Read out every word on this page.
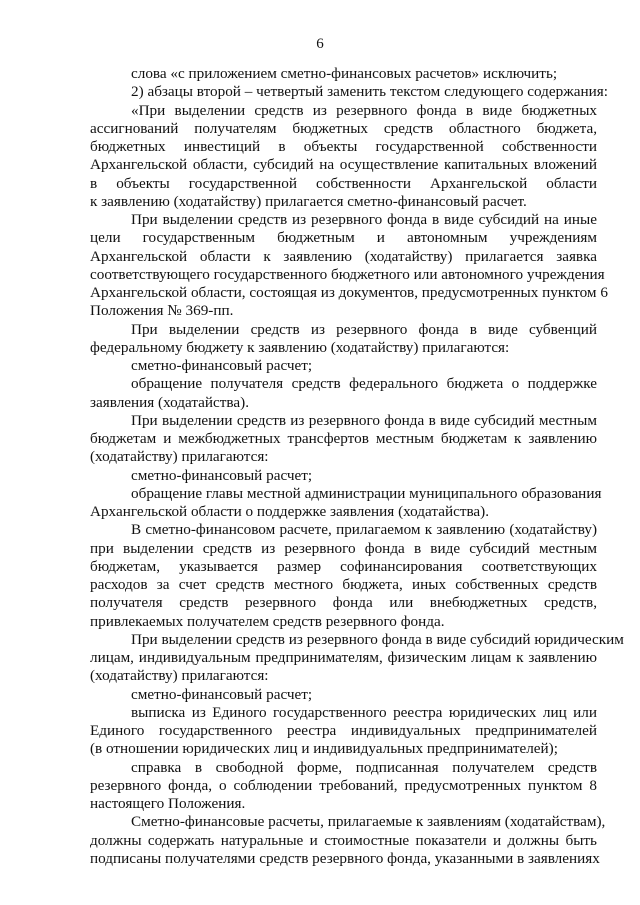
6
слова «с приложением сметно-финансовых расчетов» исключить;
2) абзацы второй – четвертый заменить текстом следующего содержания:
«При выделении средств из резервного фонда в виде бюджетных
ассигнований получателям бюджетных средств областного бюджета,
бюджетных инвестиций в объекты государственной собственности
Архангельской области, субсидий на осуществление капитальных вложений
в объекты государственной собственности Архангельской области
к заявлению (ходатайству) прилагается сметно-финансовый расчет.
При выделении средств из резервного фонда в виде субсидий на иные
цели государственным бюджетным и автономным учреждениям
Архангельской области к заявлению (ходатайству) прилагается заявка
соответствующего государственного бюджетного или автономного учреждения
Архангельской области, состоящая из документов, предусмотренных пунктом 6
Положения № 369-пп.
При выделении средств из резервного фонда в виде субвенций
федеральному бюджету к заявлению (ходатайству) прилагаются:
сметно-финансовый расчет;
обращение получателя средств федерального бюджета о поддержке
заявления (ходатайства).
При выделении средств из резервного фонда в виде субсидий местным
бюджетам и межбюджетных трансфертов местным бюджетам к заявлению
(ходатайству) прилагаются:
сметно-финансовый расчет;
обращение главы местной администрации муниципального образования
Архангельской области о поддержке заявления (ходатайства).
В сметно-финансовом расчете, прилагаемом к заявлению (ходатайству)
при выделении средств из резервного фонда в виде субсидий местным
бюджетам, указывается размер софинансирования соответствующих
расходов за счет средств местного бюджета, иных собственных средств
получателя средств резервного фонда или внебюджетных средств,
привлекаемых получателем средств резервного фонда.
При выделении средств из резервного фонда в виде субсидий юридическим
лицам, индивидуальным предпринимателям, физическим лицам к заявлению
(ходатайству) прилагаются:
сметно-финансовый расчет;
выписка из Единого государственного реестра юридических лиц или
Единого государственного реестра индивидуальных предпринимателей
(в отношении юридических лиц и индивидуальных предпринимателей);
справка в свободной форме, подписанная получателем средств
резервного фонда, о соблюдении требований, предусмотренных пунктом 8
настоящего Положения.
Сметно-финансовые расчеты, прилагаемые к заявлениям (ходатайствам),
должны содержать натуральные и стоимостные показатели и должны быть
подписаны получателями средств резервного фонда, указанными в заявлениях
